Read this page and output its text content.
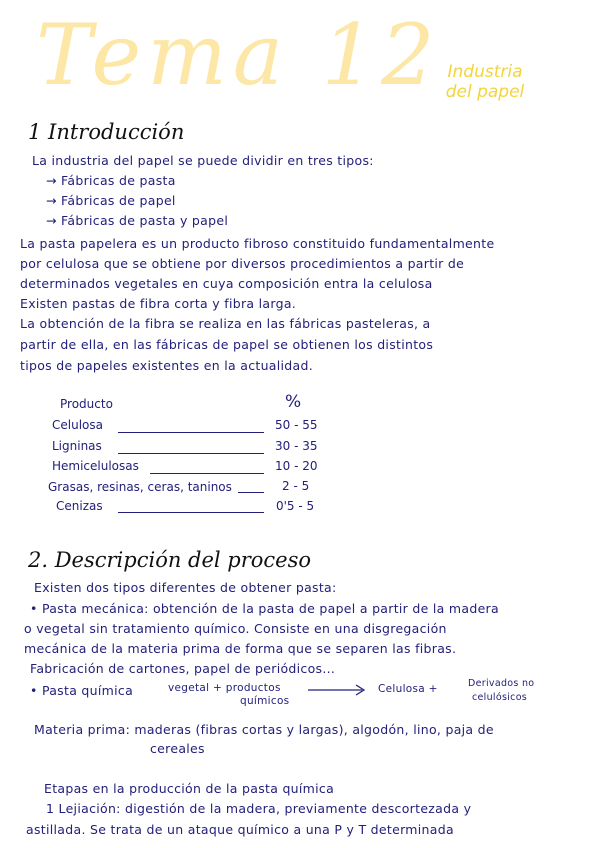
Tema 12 Industria
del papel
1 Introducción
La industria del papel se puede dividir en tres tipos:
→ Fábricas de pasta
→ Fábricas de papel
→ Fábricas de pasta y papel
La pasta papelera es un producto fibroso constituido fundamentalmente
por celulosa que se obtiene por diversos procedimientos a partir de
determinados vegetales en cuya composición entra la celulosa
Existen pastas de fibra corta y fibra larga.
La obtención de la fibra se realiza en las fábricas pasteleras, a
partir de ella, en las fábricas de papel se obtienen los distintos
tipos de papeles existentes en la actualidad.
Producto	%
Celulosa	50 - 55
Ligninas	30 - 35
Hemicelulosas	10 - 20
Grasas, resinas, ceras, taninos	2 - 5
Cenizas	0'5 - 5
2. Descripción del proceso
Existen dos tipos diferentes de obtener pasta:
• Pasta mecánica: obtención de la pasta de papel a partir de la madera
o vegetal sin tratamiento químico. Consiste en una disgregación
mecánica de la materia prima de forma que se separen las fibras.
Fabricación de cartones, papel de periódicos...
• Pasta química	vegetal + productos
químicos
→ Celulosa +	Derivados no
celulósicos
Materia prima: maderas (fibras cortas y largas), algodón, lino, paja de
cereales
Etapas en la producción de la pasta química
1 Lejiación: digestión de la madera, previamente descortezada y
astillada. Se trata de un ataque químico a una P y T determinada
